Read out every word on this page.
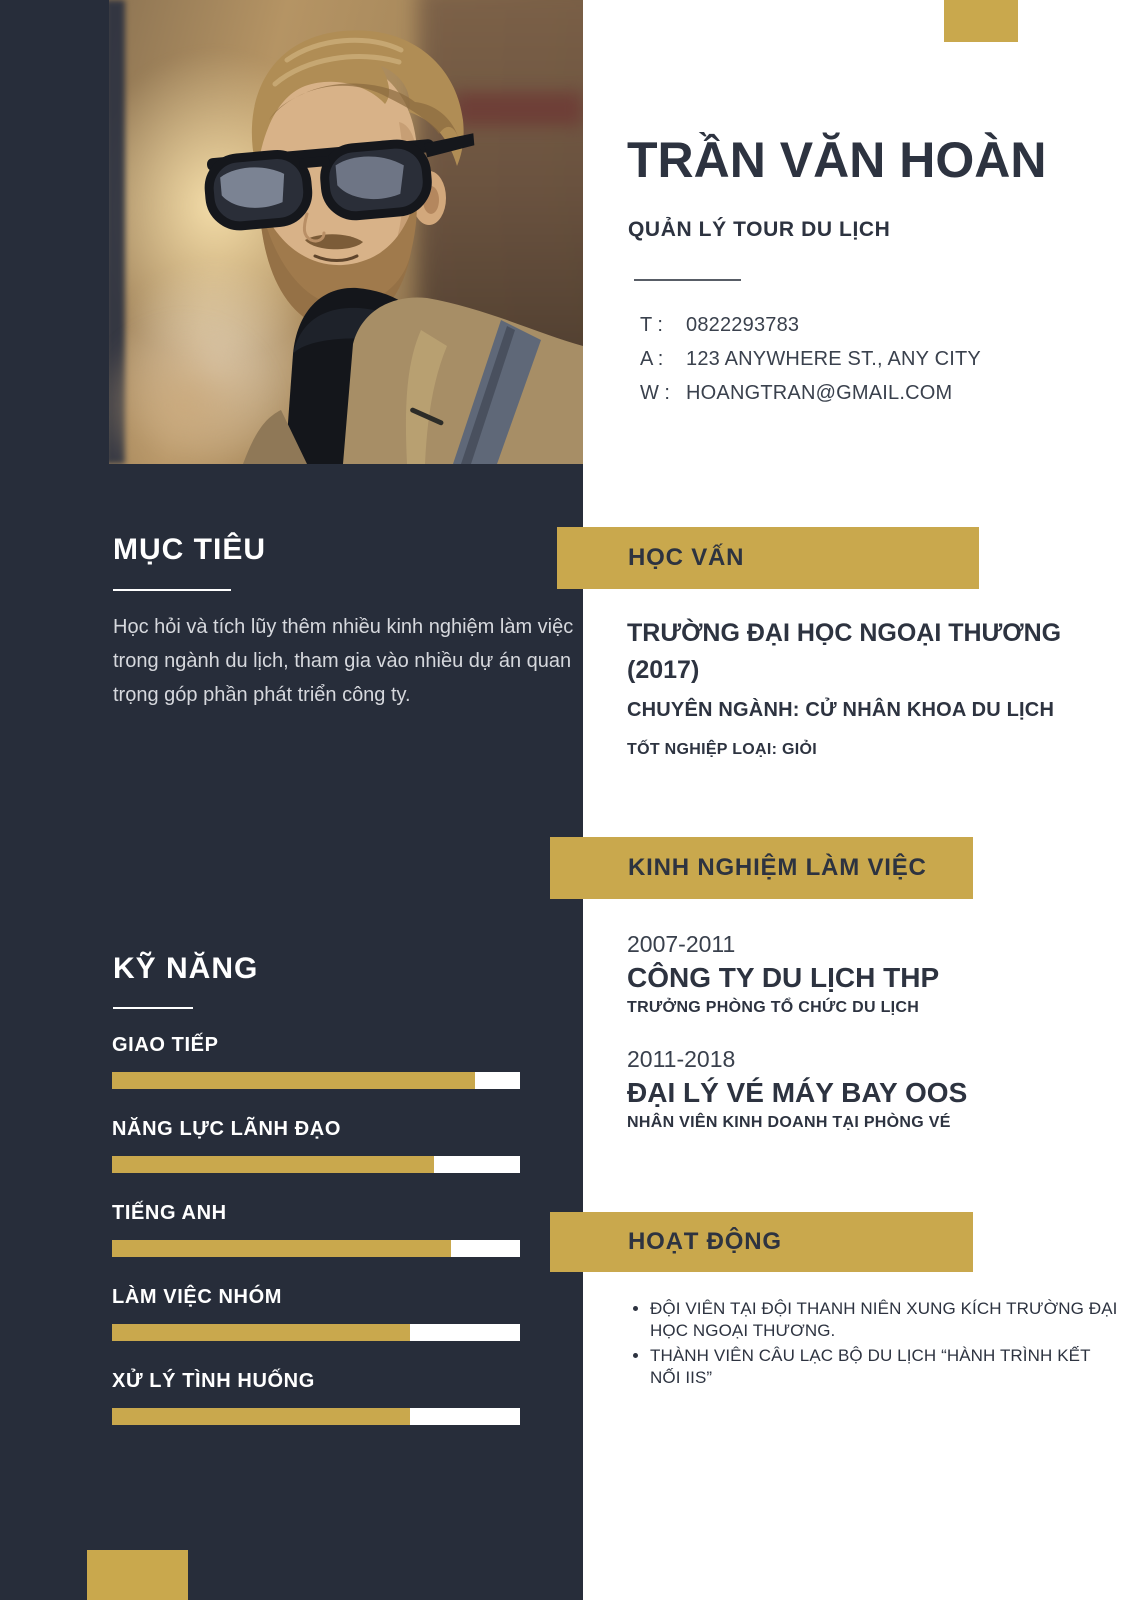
TRẦN VĂN HOÀN
QUẢN LÝ TOUR DU LỊCH
T :	0822293783
A :	123 ANYWHERE ST., ANY CITY
W : HOANGTRAN@GMAIL.COM
MỤC TIÊU
Học hỏi và tích lũy thêm nhiều kinh nghiệm làm việc trong ngành du lịch, tham gia vào nhiều dự án quan trọng góp phần phát triển công ty.
HỌC VẤN
TRƯỜNG ĐẠI HỌC NGOẠI THƯƠNG (2017)
CHUYÊN NGÀNH: CỬ NHÂN KHOA DU LỊCH
TỐT NGHIỆP LOẠI: GIỎI
KINH NGHIỆM LÀM VIỆC
2007-2011
CÔNG TY DU LỊCH THP
TRƯỞNG PHÒNG TỔ CHỨC DU LỊCH
2011-2018
ĐẠI LÝ VÉ MÁY BAY OOS
NHÂN VIÊN KINH DOANH TẠI PHÒNG VÉ
KỸ NĂNG
GIAO TIẾP
NĂNG LỰC LÃNH ĐẠO
TIẾNG ANH
LÀM VIỆC NHÓM
XỬ LÝ TÌNH HUỐNG
HOẠT ĐỘNG
• ĐỘI VIÊN TẠI ĐỘI THANH NIÊN XUNG KÍCH TRƯỜNG ĐẠI HỌC NGOẠI THƯƠNG.
• THÀNH VIÊN CÂU LẠC BỘ DU LỊCH “HÀNH TRÌNH KẾT NỐI IIS”
